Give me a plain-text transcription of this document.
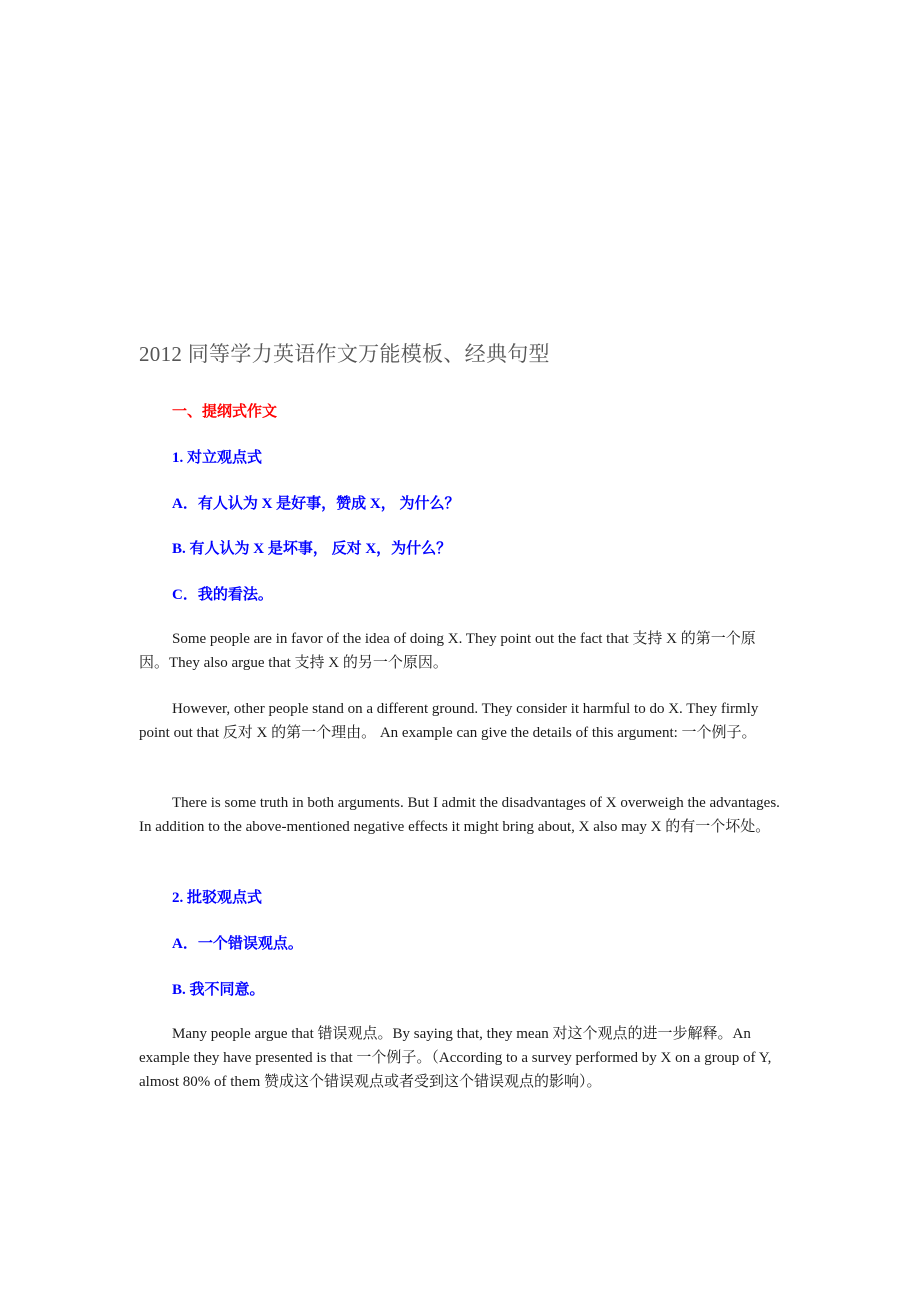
2012 同等学力英语作文万能模板、经典句型
一、提纲式作文
1. 对立观点式
A．有人认为 X 是好事，赞成 X， 为什么？
B. 有人认为 X 是坏事， 反对 X，为什么？
C．我的看法。

Some people are in favor of the idea of doing X. They point out the fact that 支持 X 的第一个原因。They also argue that 支持 X 的另一个原因。

However, other people stand on a different ground. They consider it harmful to do X. They firmly point out that 反对 X 的第一个理由。 An example can give the details of this argument: 一个例子。

There is some truth in both arguments. But I admit the disadvantages of X overweigh the advantages. In addition to the above-mentioned negative effects it might bring about, X also may X 的有一个坏处。

2. 批驳观点式
A．一个错误观点。
B. 我不同意。

Many people argue that 错误观点。By saying that, they mean 对这个观点的进一步解释。An example they have presented is that 一个例子。（According to a survey performed by X on a group of Y, almost 80% of them 赞成这个错误观点或者受到这个错误观点的影响）。
